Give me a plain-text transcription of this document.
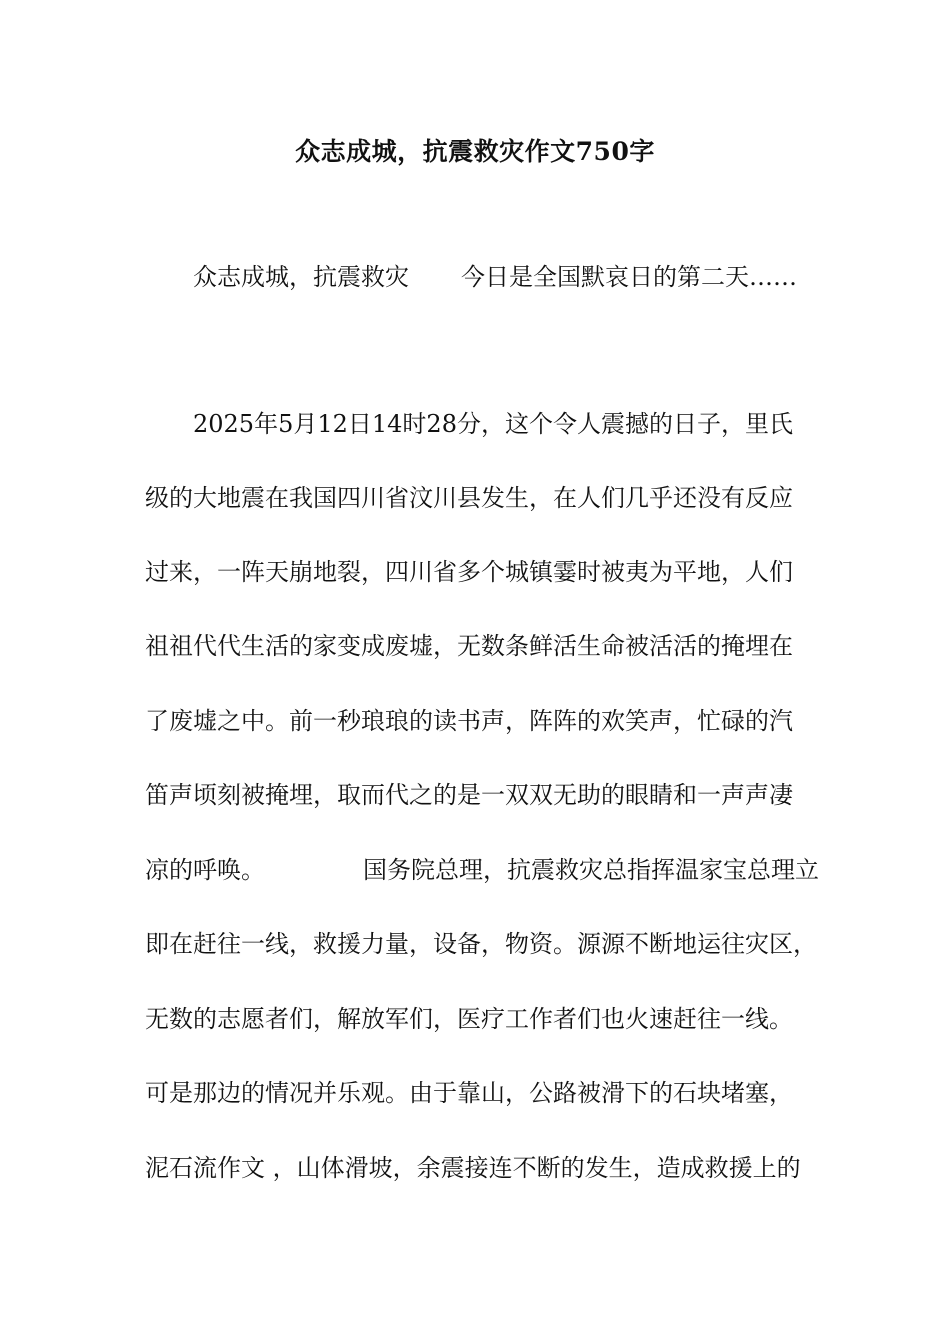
众志成城，抗震救灾作文750字
众志成城，抗震救灾 今日是全国默哀日的第二天……
2025年5月12日14时28分，这个令人震撼的日子，里氏
级的大地震在我国四川省汶川县发生，在人们几乎还没有反应
过来，一阵天崩地裂，四川省多个城镇霎时被夷为平地，人们
祖祖代代生活的家变成废墟，无数条鲜活生命被活活的掩埋在
了废墟之中。前一秒琅琅的读书声，阵阵的欢笑声，忙碌的汽
笛声顷刻被掩埋，取而代之的是一双双无助的眼睛和一声声凄
凉的呼唤。	国务院总理，抗震救灾总指挥温家宝总理立
即在赶往一线，救援力量，设备，物资。源源不断地运往灾区，
无数的志愿者们，解放军们，医疗工作者们也火速赶往一线。
可是那边的情况并乐观。由于靠山，公路被滑下的石块堵塞，
泥石流作文 ，山体滑坡，余震接连不断的发生，造成救援上的
